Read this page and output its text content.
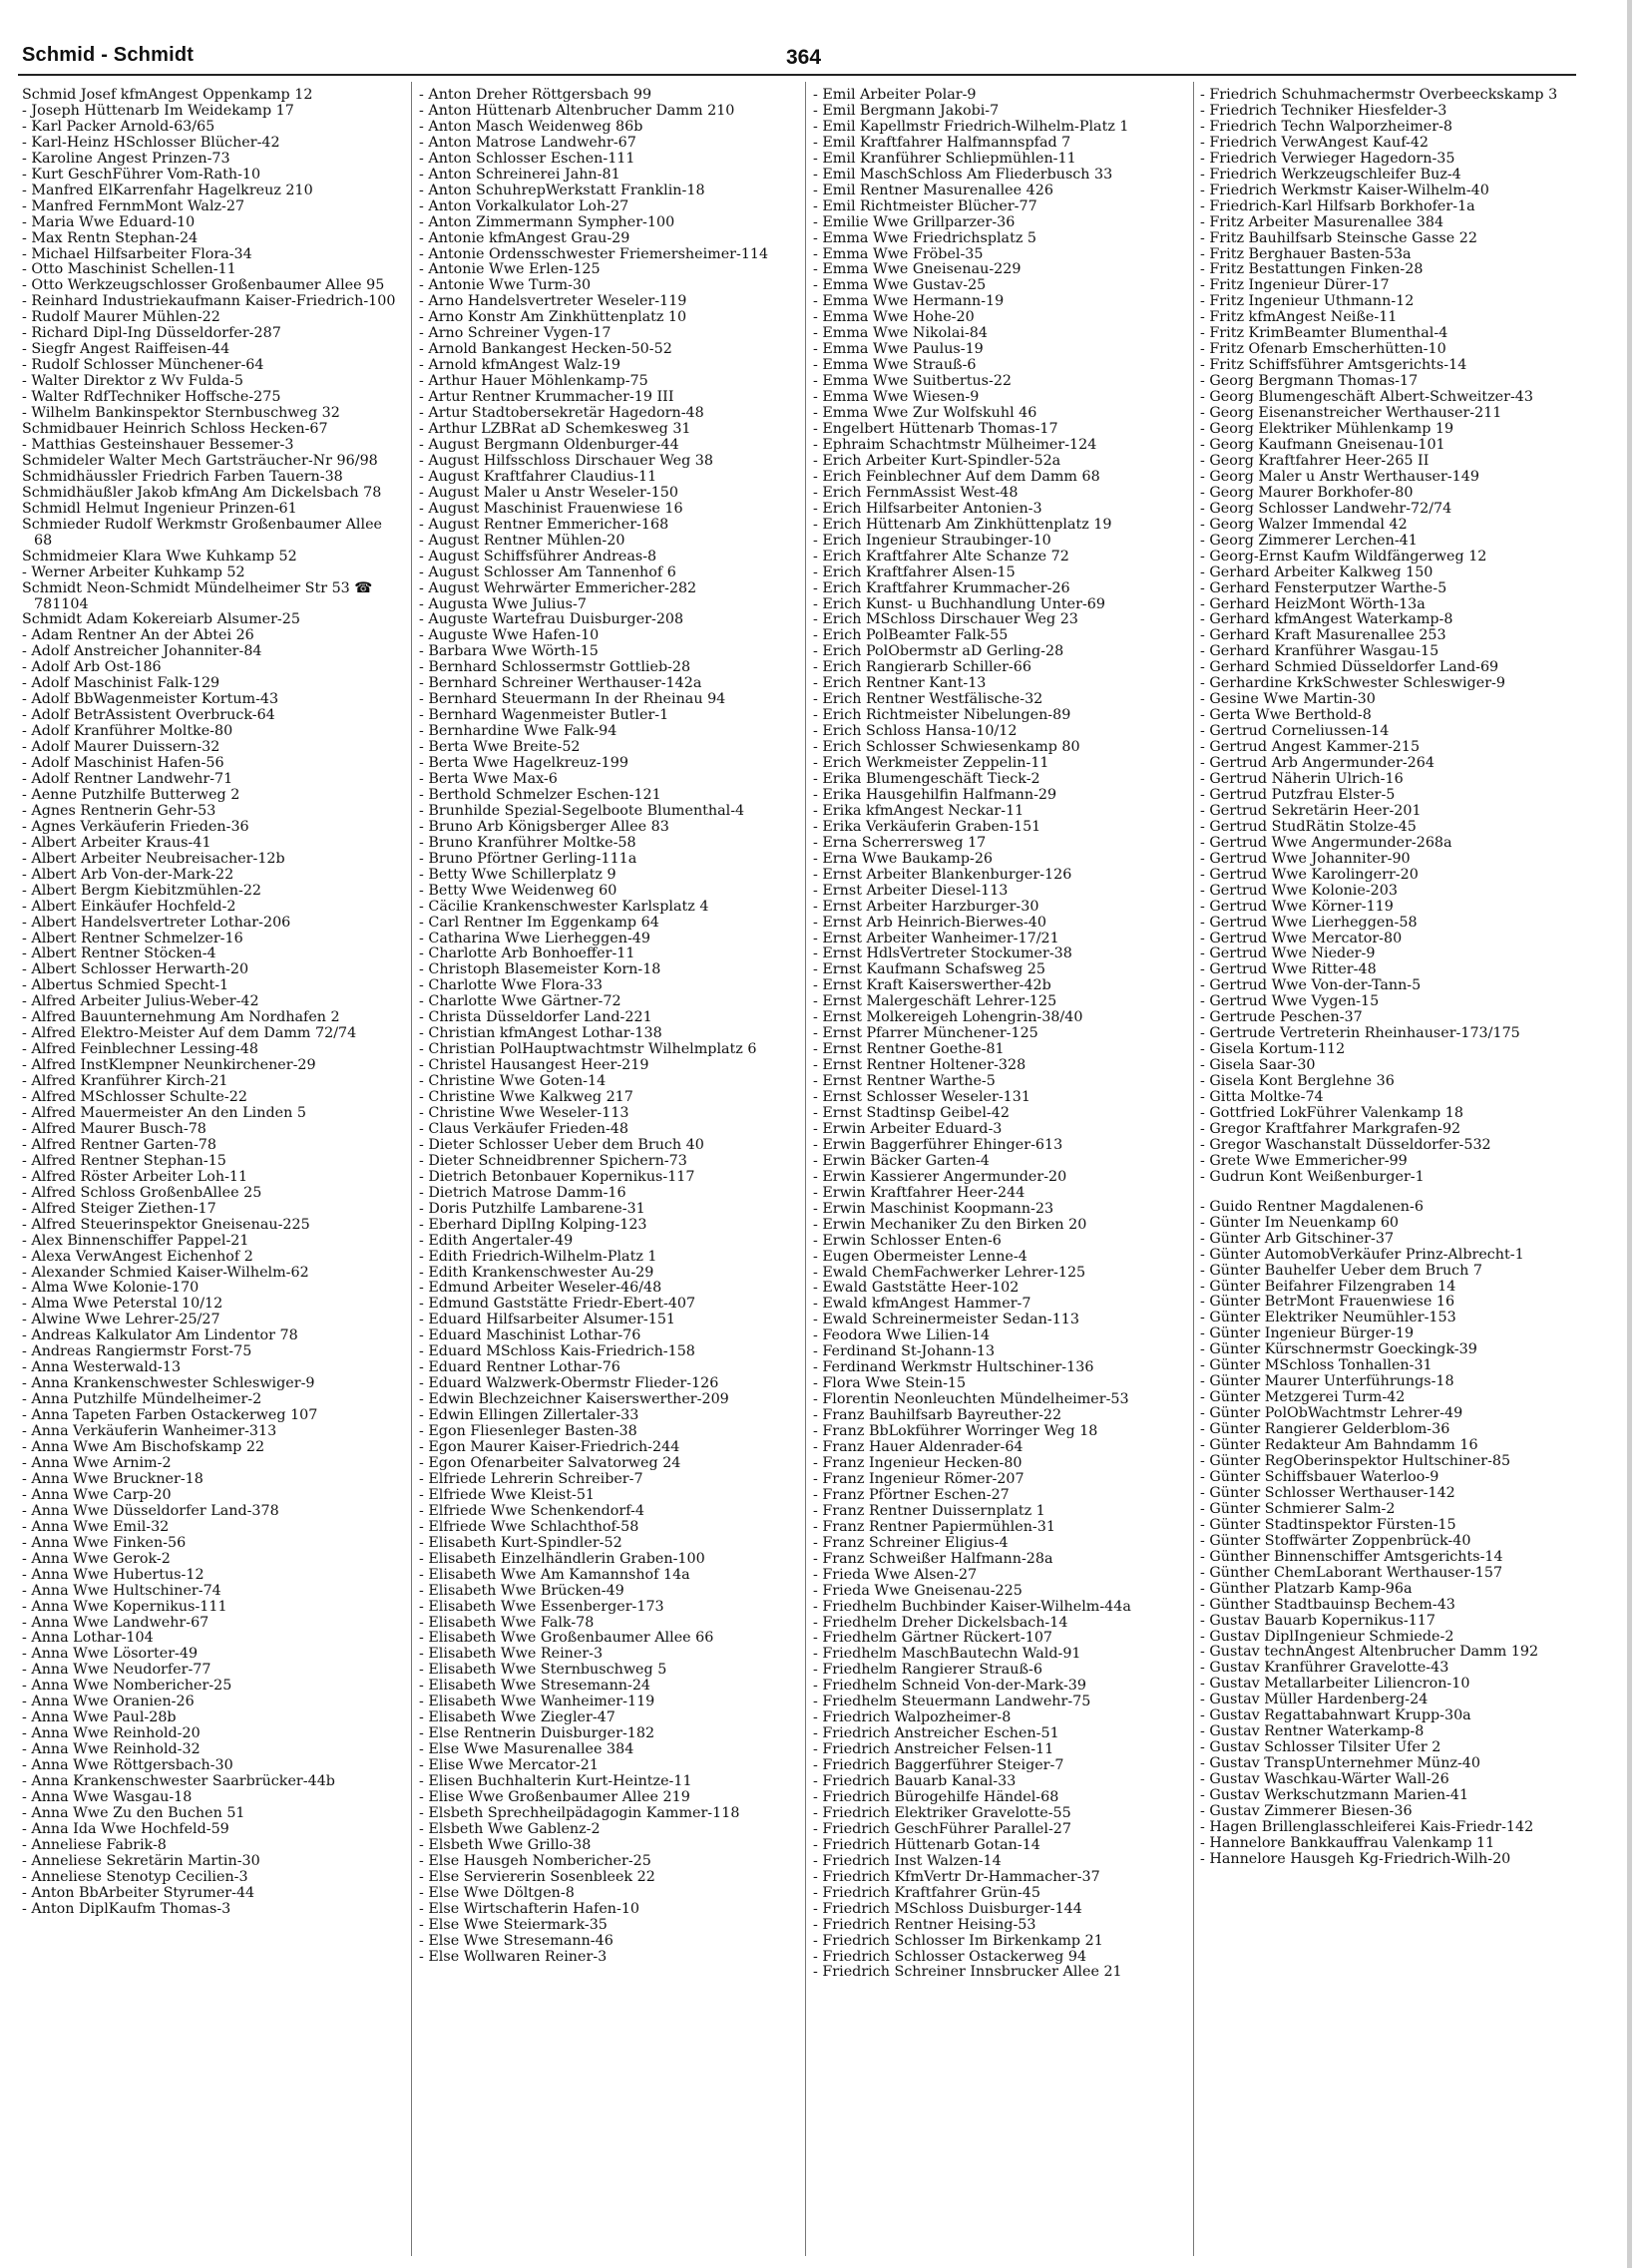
Schmid - Schmidt	364
Schmid Josef kfmAngest Oppenkamp 12
- Joseph Hüttenarb Im Weidekamp 17
- Karl Packer Arnold-63/65
- Karl-Heinz HSchlosser Blücher-42
- Karoline Angest Prinzen-73
- Kurt GeschFührer Vom-Rath-10
- Manfred ElKarrenfahr Hagelkreuz 210
- Manfred FernmMont Walz-27
- Maria Wwe Eduard-10
- Max Rentn Stephan-24
- Michael Hilfsarbeiter Flora-34
- Otto Maschinist Schellen-11
- Otto Werkzeugschlosser Großenbaumer Allee 95
- Reinhard Industriekaufmann Kaiser-Friedrich-100
- Rudolf Maurer Mühlen-22
- Richard Dipl-Ing Düsseldorfer-287
- Siegfr Angest Raiffeisen-44
- Rudolf Schlosser Münchener-64
- Walter Direktor z Wv Fulda-5
- Walter RdfTechniker Hoffsche-275
- Wilhelm Bankinspektor Sternbuschweg 32
Schmidbauer Heinrich Schloss Hecken-67
- Matthias Gesteinshauer Bessemer-3
Schmideler Walter Mech Gartsträucher-Nr 96/98
Schmidhäussler Friedrich Farben Tauern-38
Schmidhäußler Jakob kfmAng Am Dickelsbach 78
Schmidl Helmut Ingenieur Prinzen-61
Schmieder Rudolf Werkmstr Großenbaumer Allee 68
Schmidmeier Klara Wwe Kuhkamp 52
- Werner Arbeiter Kuhkamp 52
Schmidt Neon-Schmidt Mündelheimer Str 53 ☎ 781104
Schmidt Adam Kokereiarb Alsumer-25
- Adam Rentner An der Abtei 26
- Adolf Anstreicher Johanniter-84
- Adolf Arb Ost-186
- Adolf Maschinist Falk-129
- Adolf BbWagenmeister Kortum-43
- Adolf BetrAssistent Overbruck-64
- Adolf Kranführer Moltke-80
- Adolf Maurer Duissern-32
- Adolf Maschinist Hafen-56
- Adolf Rentner Landwehr-71
- Aenne Putzhilfe Butterweg 2
- Agnes Rentnerin Gehr-53
- Agnes Verkäuferin Frieden-36
- Albert Arbeiter Kraus-41
- Albert Arbeiter Neubreisacher-12b
- Albert Arb Von-der-Mark-22
- Albert Bergm Kiebitzmühlen-22
- Albert Einkäufer Hochfeld-2
- Albert Handelsvertreter Lothar-206
- Albert Rentner Schmelzer-16
- Albert Rentner Stöcken-4
- Albert Schlosser Herwarth-20
- Albertus Schmied Specht-1
- Alfred Arbeiter Julius-Weber-42
- Alfred Bauunternehmung Am Nordhafen 2
- Alfred Elektro-Meister Auf dem Damm 72/74
- Alfred Feinblechner Lessing-48
- Alfred InstKlempner Neunkirchener-29
- Alfred Kranführer Kirch-21
- Alfred MSchlosser Schulte-22
- Alfred Mauermeister An den Linden 5
- Alfred Maurer Busch-78
- Alfred Rentner Garten-78
- Alfred Rentner Stephan-15
- Alfred Röster Arbeiter Loh-11
- Alfred Schloss GroßenbAllee 25
- Alfred Steiger Ziethen-17
- Alfred Steuerinspektor Gneisenau-225
- Alex Binnenschiffer Pappel-21
- Alexa VerwAngest Eichenhof 2
- Alexander Schmied Kaiser-Wilhelm-62
- Alma Wwe Kolonie-170
- Alma Wwe Peterstal 10/12
- Alwine Wwe Lehrer-25/27
- Andreas Kalkulator Am Lindentor 78
- Andreas Rangiermstr Forst-75
- Anna Westerwald-13
- Anna Krankenschwester Schleswiger-9
- Anna Putzhilfe Mündelheimer-2
- Anna Tapeten Farben Ostackerweg 107
- Anna Verkäuferin Wanheimer-313
- Anna Wwe Am Bischofskamp 22
- Anna Wwe Arnim-2
- Anna Wwe Bruckner-18
- Anna Wwe Carp-20
- Anna Wwe Düsseldorfer Land-378
- Anna Wwe Emil-32
- Anna Wwe Finken-56
- Anna Wwe Gerok-2
- Anna Wwe Hubertus-12
- Anna Wwe Hultschiner-74
- Anna Wwe Kopernikus-111
- Anna Wwe Landwehr-67
- Anna Lothar-104
- Anna Wwe Lösorter-49
- Anna Wwe Neudorfer-77
- Anna Wwe Nombericher-25
- Anna Wwe Oranien-26
- Anna Wwe Paul-28b
- Anna Wwe Reinhold-20
- Anna Wwe Reinhold-32
- Anna Wwe Röttgersbach-30
- Anna Krankenschwester Saarbrücker-44b
- Anna Wwe Wasgau-18
- Anna Wwe Zu den Buchen 51
- Anna Ida Wwe Hochfeld-59
- Anneliese Fabrik-8
- Anneliese Sekretärin Martin-30
- Anneliese Stenotyp Cecilien-3
- Anton BbArbeiter Styrumer-44
- Anton DiplKaufm Thomas-3
- Anton Dreher Röttgersbach 99
- Anton Hüttenarb Altenbrucher Damm 210
- Anton Masch Weidenweg 86b
- Anton Matrose Landwehr-67
- Anton Schlosser Eschen-111
- Anton Schreinerei Jahn-81
- Anton SchuhrepWerkstatt Franklin-18
- Anton Vorkalkulator Loh-27
- Anton Zimmermann Sympher-100
- Antonie kfmAngest Grau-29
- Antonie Ordensschwester Friemersheimer-114
- Antonie Wwe Erlen-125
- Antonie Wwe Turm-30
- Arno Handelsvertreter Weseler-119
- Arno Konstr Am Zinkhüttenplatz 10
- Arno Schreiner Vygen-17
- Arnold Bankangest Hecken-50-52
- Arnold kfmAngest Walz-19
- Arthur Hauer Möhlenkamp-75
- Artur Rentner Krummacher-19 III
- Artur Stadtobersekretär Hagedorn-48
- Arthur LZBRat aD Schemkesweg 31
- August Bergmann Oldenburger-44
- August Hilfsschloss Dirschauer Weg 38
- August Kraftfahrer Claudius-11
- August Maler u Anstr Weseler-150
- August Maschinist Frauenwiese 16
- August Rentner Emmericher-168
- August Rentner Mühlen-20
- August Schiffsführer Andreas-8
- August Schlosser Am Tannenhof 6
- August Wehrwärter Emmericher-282
- Augusta Wwe Julius-7
- Auguste Wartefrau Duisburger-208
- Auguste Wwe Hafen-10
- Barbara Wwe Wörth-15
- Bernhard Schlossermstr Gottlieb-28
- Bernhard Schreiner Werthauser-142a
- Bernhard Steuermann In der Rheinau 94
- Bernhard Wagenmeister Butler-1
- Bernhardine Wwe Falk-94
- Berta Wwe Breite-52
- Berta Wwe Hagelkreuz-199
- Berta Wwe Max-6
- Berthold Schmelzer Eschen-121
- Brunhilde Spezial-Segelboote Blumenthal-4
- Bruno Arb Königsberger Allee 83
- Bruno Kranführer Moltke-58
- Bruno Pförtner Gerling-111a
- Betty Wwe Schillerplatz 9
- Betty Wwe Weidenweg 60
- Cäcilie Krankenschwester Karlsplatz 4
- Carl Rentner Im Eggenkamp 64
- Catharina Wwe Lierheggen-49
- Charlotte Arb Bonhoeffer-11
- Christoph Blasemeister Korn-18
- Charlotte Wwe Flora-33
- Charlotte Wwe Gärtner-72
- Christa Düsseldorfer Land-221
- Christian kfmAngest Lothar-138
- Christian PolHauptwachtmstr Wilhelmplatz 6
- Christel Hausangest Heer-219
- Christine Wwe Goten-14
- Christine Wwe Kalkweg 217
- Christine Wwe Weseler-113
- Claus Verkäufer Frieden-48
- Dieter Schlosser Ueber dem Bruch 40
- Dieter Schneidbrenner Spichern-73
- Dietrich Betonbauer Kopernikus-117
- Dietrich Matrose Damm-16
- Doris Putzhilfe Lambarene-31
- Eberhard DiplIng Kolping-123
- Edith Angertaler-49
- Edith Friedrich-Wilhelm-Platz 1
- Edith Krankenschwester Au-29
- Edmund Arbeiter Weseler-46/48
- Edmund Gaststätte Friedr-Ebert-407
- Eduard Hilfsarbeiter Alsumer-151
- Eduard Maschinist Lothar-76
- Eduard MSchloss Kais-Friedrich-158
- Eduard Rentner Lothar-76
- Eduard Walzwerk-Obermstr Flieder-126
- Edwin Blechzeichner Kaiserswerther-209
- Edwin Ellingen Zillertaler-33
- Egon Fliesenleger Basten-38
- Egon Maurer Kaiser-Friedrich-244
- Egon Ofenarbeiter Salvatorweg 24
- Elfriede Lehrerin Schreiber-7
- Elfriede Wwe Kleist-51
- Elfriede Wwe Schenkendorf-4
- Elfriede Wwe Schlachthof-58
- Elisabeth Kurt-Spindler-52
- Elisabeth Einzelhändlerin Graben-100
- Elisabeth Wwe Am Kamannshof 14a
- Elisabeth Wwe Brücken-49
- Elisabeth Wwe Essenberger-173
- Elisabeth Wwe Falk-78
- Elisabeth Wwe Großenbaumer Allee 66
- Elisabeth Wwe Reiner-3
- Elisabeth Wwe Sternbuschweg 5
- Elisabeth Wwe Stresemann-24
- Elisabeth Wwe Wanheimer-119
- Elisabeth Wwe Ziegler-47
- Else Rentnerin Duisburger-182
- Else Wwe Masurenallee 384
- Elise Wwe Mercator-21
- Elisen Buchhalterin Kurt-Heintze-11
- Elise Wwe Großenbaumer Allee 219
- Elsbeth Sprechheilpädagogin Kammer-118
- Elsbeth Wwe Gablenz-2
- Elsbeth Wwe Grillo-38
- Else Hausgeh Nombericher-25
- Else Serviererin Sosenbleek 22
- Else Wwe Döltgen-8
- Else Wirtschafterin Hafen-10
- Else Wwe Steiermark-35
- Else Wwe Stresemann-46
- Else Wollwaren Reiner-3
- Emil Arbeiter Polar-9
- Emil Bergmann Jakobi-7
- Emil Kapellmstr Friedrich-Wilhelm-Platz 1
- Emil Kraftfahrer Halfmannspfad 7
- Emil Kranführer Schliepmühlen-11
- Emil MaschSchloss Am Fliederbusch 33
- Emil Rentner Masurenallee 426
- Emil Richtmeister Blücher-77
- Emilie Wwe Grillparzer-36
- Emma Wwe Friedrichsplatz 5
- Emma Wwe Fröbel-35
- Emma Wwe Gneisenau-229
- Emma Wwe Gustav-25
- Emma Wwe Hermann-19
- Emma Wwe Hohe-20
- Emma Wwe Nikolai-84
- Emma Wwe Paulus-19
- Emma Wwe Strauß-6
- Emma Wwe Suitbertus-22
- Emma Wwe Wiesen-9
- Emma Wwe Zur Wolfskuhl 46
- Engelbert Hüttenarb Thomas-17
- Ephraim Schachtmstr Mülheimer-124
- Erich Arbeiter Kurt-Spindler-52a
- Erich Feinblechner Auf dem Damm 68
- Erich FernmAssist West-48
- Erich Hilfsarbeiter Antonien-3
- Erich Hüttenarb Am Zinkhüttenplatz 19
- Erich Ingenieur Straubinger-10
- Erich Kraftfahrer Alte Schanze 72
- Erich Kraftfahrer Alsen-15
- Erich Kraftfahrer Krummacher-26
- Erich Kunst- u Buchhandlung Unter-69
- Erich MSchloss Dirschauer Weg 23
- Erich PolBeamter Falk-55
- Erich PolObermstr aD Gerling-28
- Erich Rangierarb Schiller-66
- Erich Rentner Kant-13
- Erich Rentner Westfälische-32
- Erich Richtmeister Nibelungen-89
- Erich Schloss Hansa-10/12
- Erich Schlosser Schwiesenkamp 80
- Erich Werkmeister Zeppelin-11
- Erika Blumengeschäft Tieck-2
- Erika Hausgehilfin Halfmann-29
- Erika kfmAngest Neckar-11
- Erika Verkäuferin Graben-151
- Erna Scherrersweg 17
- Erna Wwe Baukamp-26
- Ernst Arbeiter Blankenburger-126
- Ernst Arbeiter Diesel-113
- Ernst Arbeiter Harzburger-30
- Ernst Arb Heinrich-Bierwes-40
- Ernst Arbeiter Wanheimer-17/21
- Ernst HdlsVertreter Stockumer-38
- Ernst Kaufmann Schafsweg 25
- Ernst Kraft Kaiserswerther-42b
- Ernst Malergeschäft Lehrer-125
- Ernst Molkereigeh Lohengrin-38/40
- Ernst Pfarrer Münchener-125
- Ernst Rentner Goethe-81
- Ernst Rentner Holtener-328
- Ernst Rentner Warthe-5
- Ernst Schlosser Weseler-131
- Ernst Stadtinsp Geibel-42
- Erwin Arbeiter Eduard-3
- Erwin Baggerführer Ehinger-613
- Erwin Bäcker Garten-4
- Erwin Kassierer Angermunder-20
- Erwin Kraftfahrer Heer-244
- Erwin Maschinist Koopmann-23
- Erwin Mechaniker Zu den Birken 20
- Erwin Schlosser Enten-6
- Eugen Obermeister Lenne-4
- Ewald ChemFachwerker Lehrer-125
- Ewald Gaststätte Heer-102
- Ewald kfmAngest Hammer-7
- Ewald Schreinermeister Sedan-113
- Feodora Wwe Lilien-14
- Ferdinand St-Johann-13
- Ferdinand Werkmstr Hultschiner-136
- Flora Wwe Stein-15
- Florentin Neonleuchten Mündelheimer-53
- Franz Bauhilfsarb Bayreuther-22
- Franz BbLokführer Worringer Weg 18
- Franz Hauer Aldenrader-64
- Franz Ingenieur Hecken-80
- Franz Ingenieur Römer-207
- Franz Pförtner Eschen-27
- Franz Rentner Duissernplatz 1
- Franz Rentner Papiermühlen-31
- Franz Schreiner Eligius-4
- Franz Schweißer Halfmann-28a
- Frieda Wwe Alsen-27
- Frieda Wwe Gneisenau-225
- Friedhelm Buchbinder Kaiser-Wilhelm-44a
- Friedhelm Dreher Dickelsbach-14
- Friedhelm Gärtner Rückert-107
- Friedhelm MaschBautechn Wald-91
- Friedhelm Rangierer Strauß-6
- Friedhelm Schneid Von-der-Mark-39
- Friedhelm Steuermann Landwehr-75
- Friedrich Walpozheimer-8
- Friedrich Anstreicher Eschen-51
- Friedrich Anstreicher Felsen-11
- Friedrich Baggerführer Steiger-7
- Friedrich Bauarb Kanal-33
- Friedrich Bürogehilfe Händel-68
- Friedrich Elektriker Gravelotte-55
- Friedrich GeschFührer Parallel-27
- Friedrich Hüttenarb Gotan-14
- Friedrich Inst Walzen-14
- Friedrich KfmVertr Dr-Hammacher-37
- Friedrich Kraftfahrer Grün-45
- Friedrich MSchloss Duisburger-144
- Friedrich Rentner Heising-53
- Friedrich Schlosser Im Birkenkamp 21
- Friedrich Schlosser Ostackerweg 94
- Friedrich Schreiner Innsbrucker Allee 21
- Friedrich Schuhmachermstr Overbeeckskamp 3
- Friedrich Techniker Hiesfelder-3
- Friedrich Techn Walporzheimer-8
- Friedrich VerwAngest Kauf-42
- Friedrich Verwieger Hagedorn-35
- Friedrich Werkzeugschleifer Buz-4
- Friedrich Werkmstr Kaiser-Wilhelm-40
- Friedrich-Karl Hilfsarb Borkhofer-1a
- Fritz Arbeiter Masurenallee 384
- Fritz Bauhilfsarb Steinsche Gasse 22
- Fritz Berghauer Basten-53a
- Fritz Bestattungen Finken-28
- Fritz Ingenieur Dürer-17
- Fritz Ingenieur Uthmann-12
- Fritz kfmAngest Neiße-11
- Fritz KrimBeamter Blumenthal-4
- Fritz Ofenarb Emscherhütten-10
- Fritz Schiffsführer Amtsgerichts-14
- Georg Bergmann Thomas-17
- Georg Blumengeschäft Albert-Schweitzer-43
- Georg Eisenanstreicher Werthauser-211
- Georg Elektriker Mühlenkamp 19
- Georg Kaufmann Gneisenau-101
- Georg Kraftfahrer Heer-265 II
- Georg Maler u Anstr Werthauser-149
- Georg Maurer Borkhofer-80
- Georg Schlosser Landwehr-72/74
- Georg Walzer Immendal 42
- Georg Zimmerer Lerchen-41
- Georg-Ernst Kaufm Wildfängerweg 12
- Gerhard Arbeiter Kalkweg 150
- Gerhard Fensterputzer Warthe-5
- Gerhard HeizMont Wörth-13a
- Gerhard kfmAngest Waterkamp-8
- Gerhard Kraft Masurenallee 253
- Gerhard Kranführer Wasgau-15
- Gerhard Schmied Düsseldorfer Land-69
- Gerhardine KrkSchwester Schleswiger-9
- Gesine Wwe Martin-30
- Gerta Wwe Berthold-8
- Gertrud Corneliussen-14
- Gertrud Angest Kammer-215
- Gertrud Arb Angermunder-264
- Gertrud Näherin Ulrich-16
- Gertrud Putzfrau Elster-5
- Gertrud Sekretärin Heer-201
- Gertrud StudRätin Stolze-45
- Gertrud Wwe Angermunder-268a
- Gertrud Wwe Johanniter-90
- Gertrud Wwe Karolingerr-20
- Gertrud Wwe Kolonie-203
- Gertrud Wwe Körner-119
- Gertrud Wwe Lierheggen-58
- Gertrud Wwe Mercator-80
- Gertrud Wwe Nieder-9
- Gertrud Wwe Ritter-48
- Gertrud Wwe Von-der-Tann-5
- Gertrud Wwe Vygen-15
- Gertrude Peschen-37
- Gertrude Vertreterin Rheinhauser-173/175
- Gisela Kortum-112
- Gisela Saar-30
- Gisela Kont Berglehne 36
- Gitta Moltke-74
- Gottfried LokFührer Valenkamp 18
- Gregor Kraftfahrer Markgrafen-92
- Gregor Waschanstalt Düsseldorfer-532
- Grete Wwe Emmericher-99
- Gudrun Kont Weißenburger-1
- Guido Rentner Magdalenen-6
- Günter Im Neuenkamp 60
- Günter Arb Gitschiner-37
- Günter AutomobVerkäufer Prinz-Albrecht-1
- Günter Bauhelfer Ueber dem Bruch 7
- Günter Beifahrer Filzengraben 14
- Günter BetrMont Frauenwiese 16
- Günter Elektriker Neumühler-153
- Günter Ingenieur Bürger-19
- Günter Kürschnermstr Goeckingk-39
- Günter MSchloss Tonhallen-31
- Günter Maurer Unterführungs-18
- Günter Metzgerei Turm-42
- Günter PolObWachtmstr Lehrer-49
- Günter Rangierer Gelderblom-36
- Günter Redakteur Am Bahndamm 16
- Günter RegOberinspektor Hultschiner-85
- Günter Schiffsbauer Waterloo-9
- Günter Schlosser Werthauser-142
- Günter Schmierer Salm-2
- Günter Stadtinspektor Fürsten-15
- Günter Stoffwärter Zoppenbrück-40
- Günther Binnenschiffer Amtsgerichts-14
- Günther ChemLaborant Werthauser-157
- Günther Platzarb Kamp-96a
- Günther Stadtbauinsp Bechem-43
- Gustav Bauarb Kopernikus-117
- Gustav DiplIngenieur Schmiede-2
- Gustav technAngest Altenbrucher Damm 192
- Gustav Kranführer Gravelotte-43
- Gustav Metallarbeiter Liliencron-10
- Gustav Müller Hardenberg-24
- Gustav Regattabahnwart Krupp-30a
- Gustav Rentner Waterkamp-8
- Gustav Schlosser Tilsiter Ufer 2
- Gustav TranspUnternehmer Münz-40
- Gustav Waschkau-Wärter Wall-26
- Gustav Werkschutzmann Marien-41
- Gustav Zimmerer Biesen-36
- Hagen Brillenglasschleiferei Kais-Friedr-142
- Hannelore Bankkauffrau Valenkamp 11
- Hannelore Hausgeh Kg-Friedrich-Wilh-20
